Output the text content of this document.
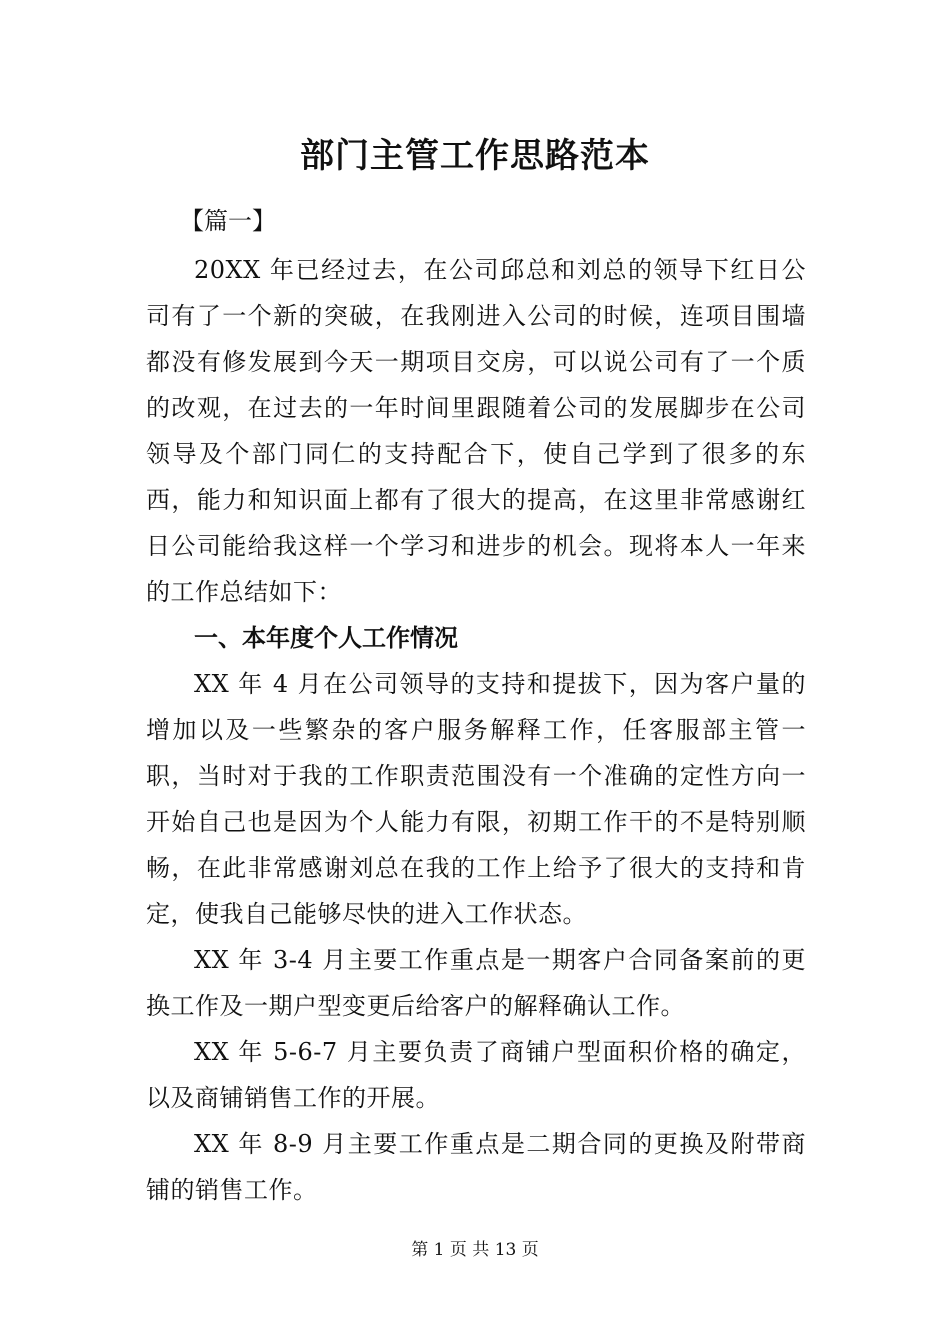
部门主管工作思路范本
【篇一】

20XX 年已经过去，在公司邱总和刘总的领导下红日公司有了一个新的突破，在我刚进入公司的时候，连项目围墙都没有修发展到今天一期项目交房，可以说公司有了一个质的改观，在过去的一年时间里跟随着公司的发展脚步在公司领导及个部门同仁的支持配合下，使自己学到了很多的东西，能力和知识面上都有了很大的提高，在这里非常感谢红日公司能给我这样一个学习和进步的机会。现将本人一年来的工作总结如下：

一、本年度个人工作情况

XX 年 4 月在公司领导的支持和提拔下，因为客户量的增加以及一些繁杂的客户服务解释工作，任客服部主管一职，当时对于我的工作职责范围没有一个准确的定性方向一开始自己也是因为个人能力有限，初期工作干的不是特别顺畅，在此非常感谢刘总在我的工作上给予了很大的支持和肯定，使我自己能够尽快的进入工作状态。

XX 年 3-4 月主要工作重点是一期客户合同备案前的更换工作及一期户型变更后给客户的解释确认工作。

XX 年 5-6-7 月主要负责了商铺户型面积价格的确定，以及商铺销售工作的开展。

XX 年 8-9 月主要工作重点是二期合同的更换及附带商铺的销售工作。

第 1 页 共 13 页
